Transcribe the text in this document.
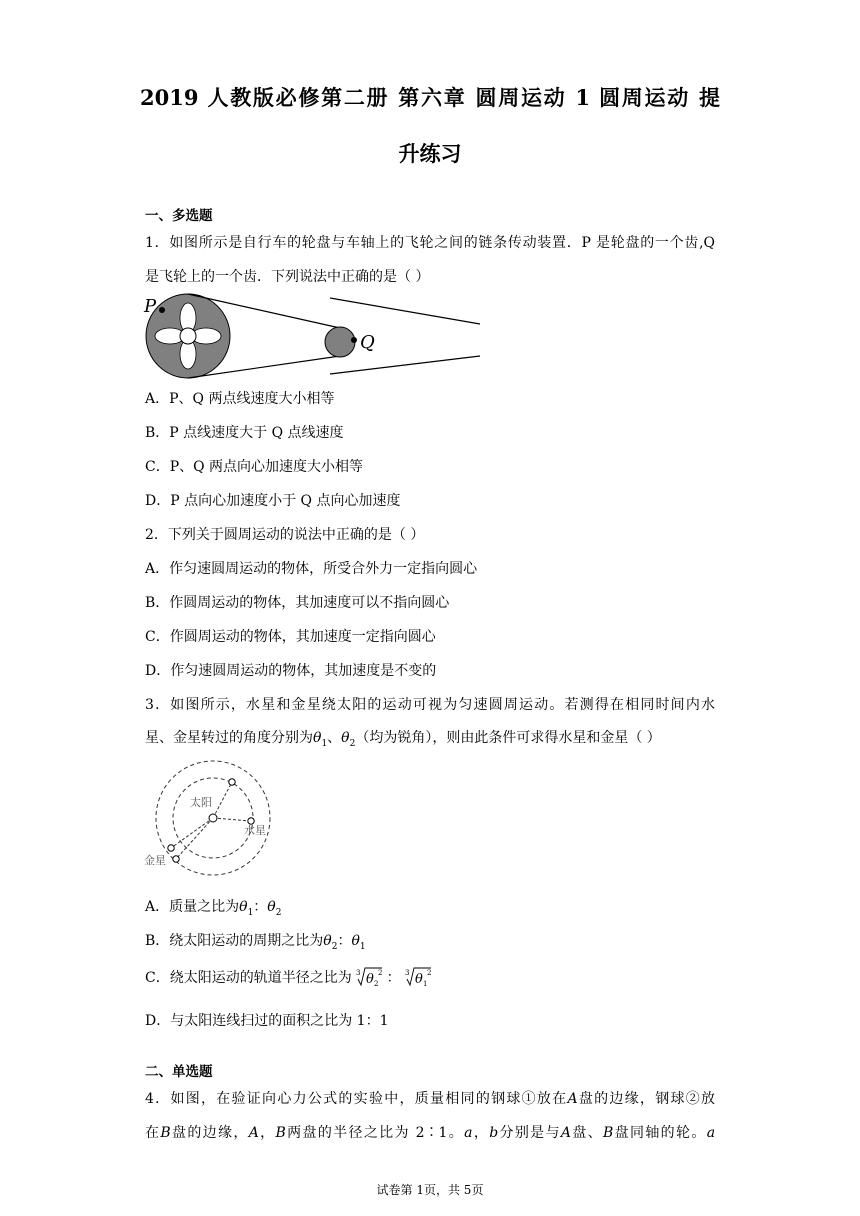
2019 人教版必修第二册 第六章 圆周运动 1 圆周运动 提
升练习
一、多选题
1．如图所示是自行车的轮盘与车轴上的飞轮之间的链条传动装置．P 是轮盘的一个齿,Q
是飞轮上的一个齿．下列说法中正确的是（ ）
P
Q
A．P、Q 两点线速度大小相等
B．P 点线速度大于 Q 点线速度
C．P、Q 两点向心加速度大小相等
D．P 点向心加速度小于 Q 点向心加速度
2．下列关于圆周运动的说法中正确的是（ ）
A．作匀速圆周运动的物体，所受合外力一定指向圆心
B．作圆周运动的物体，其加速度可以不指向圆心
C．作圆周运动的物体，其加速度一定指向圆心
D．作匀速圆周运动的物体，其加速度是不变的
3．如图所示，水星和金星绕太阳的运动可视为匀速圆周运动。若测得在相同时间内水
星、金星转过的角度分别为$\theta_1$、$\theta_2$（均为锐角），则由此条件可求得水星和金星（ ）
太阳
水星
金星
A．质量之比为$\theta_1$：$\theta_2$
B．绕太阳运动的周期之比为$\theta_2$：$\theta_1$
C．绕太阳运动的轨道半径之比为 3 θ 2
2 ： 3 θ 1
2
D．与太阳连线扫过的面积之比为 1：1
二、单选题
4．如图，在验证向心力公式的实验中，质量相同的钢球①放在A盘的边缘，钢球②放
在B盘的边缘，A，B两盘的半径之比为 2∶1。a，b分别是与A盘、B盘同轴的轮。a
试卷第 1页，共 5页
